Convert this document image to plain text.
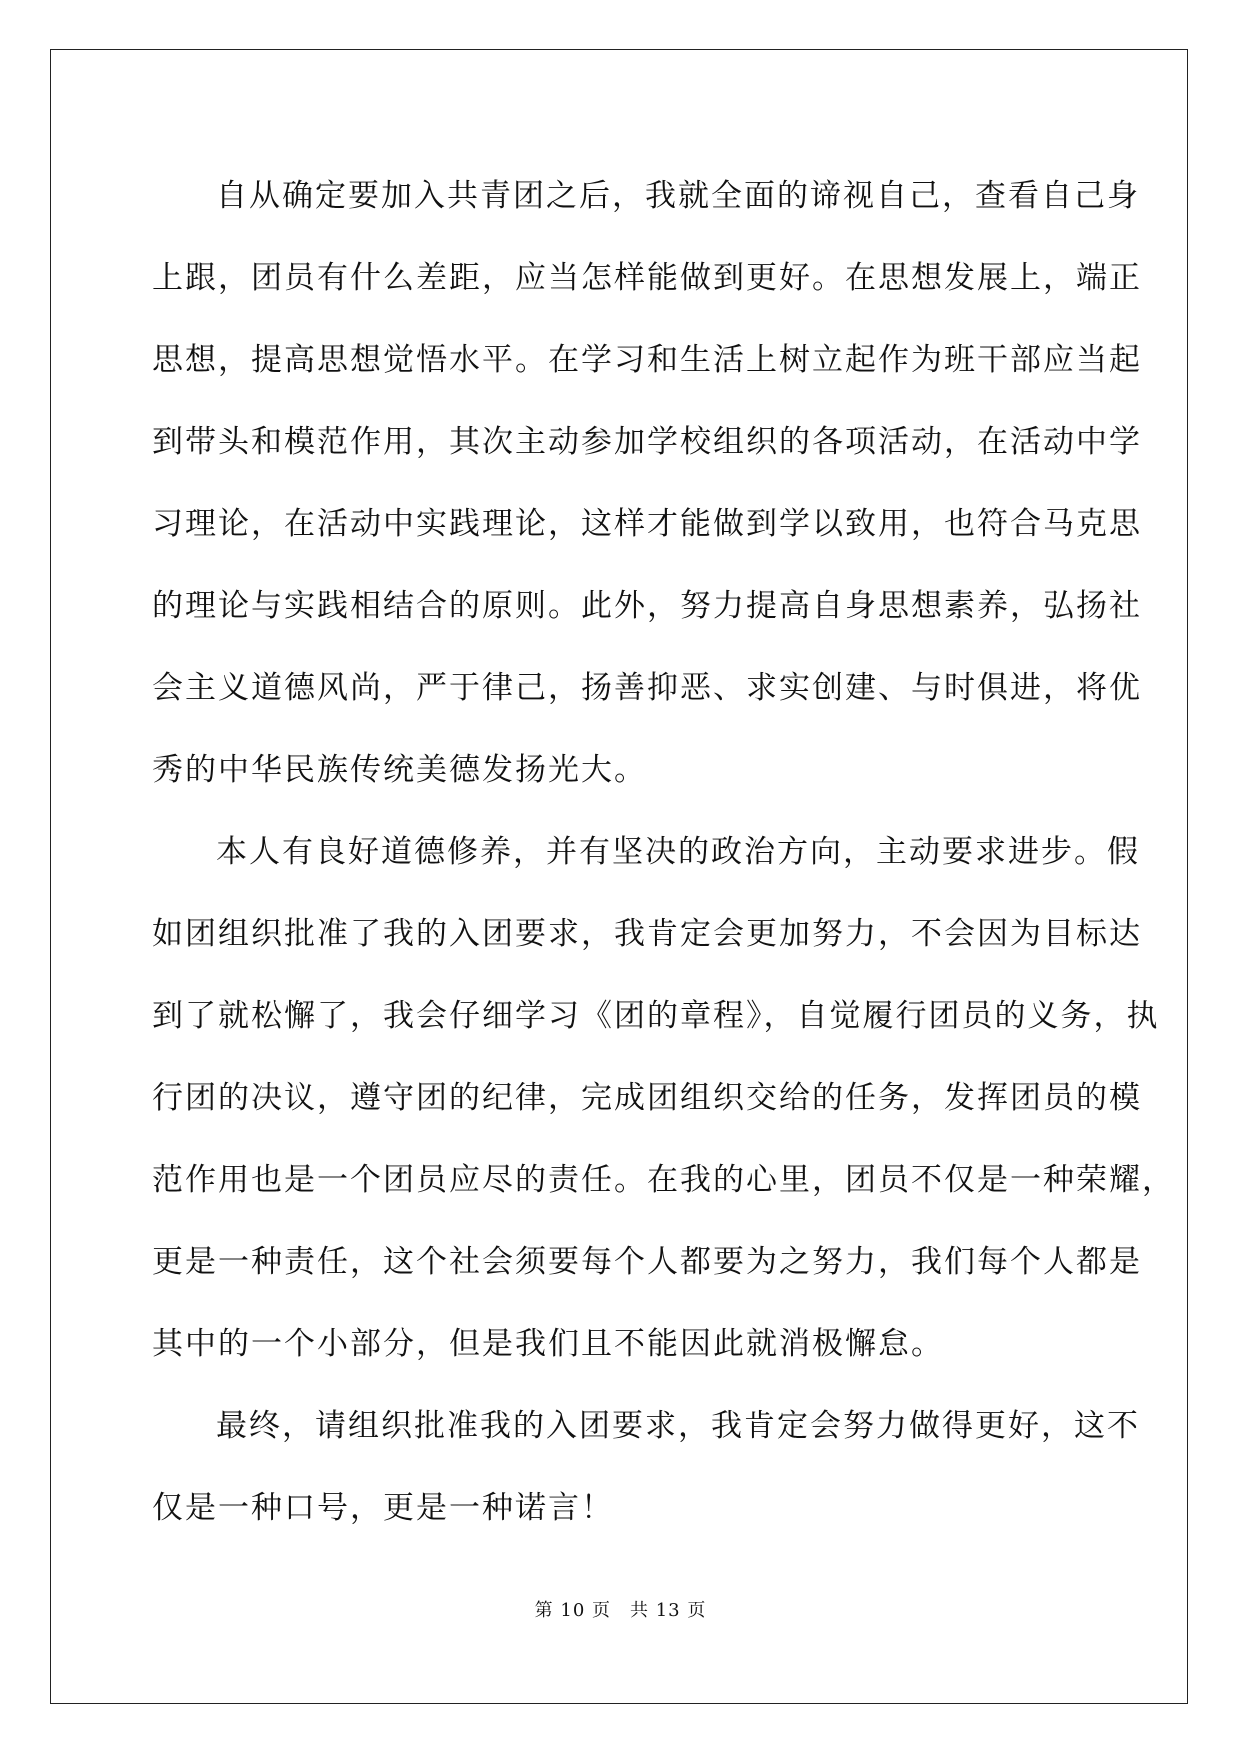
自从确定要加入共青团之后，我就全面的谛视自己，查看自己身
上跟，团员有什么差距，应当怎样能做到更好。在思想发展上，端正
思想，提高思想觉悟水平。在学习和生活上树立起作为班干部应当起
到带头和模范作用，其次主动参加学校组织的各项活动，在活动中学
习理论，在活动中实践理论，这样才能做到学以致用，也符合马克思
的理论与实践相结合的原则。此外，努力提高自身思想素养，弘扬社
会主义道德风尚，严于律己，扬善抑恶、求实创建、与时俱进，将优
秀的中华民族传统美德发扬光大。
本人有良好道德修养，并有坚决的政治方向，主动要求进步。假
如团组织批准了我的入团要求，我肯定会更加努力，不会因为目标达
到了就松懈了，我会仔细学习《团的章程》，自觉履行团员的义务，执
行团的决议，遵守团的纪律，完成团组织交给的任务，发挥团员的模
范作用也是一个团员应尽的责任。在我的心里，团员不仅是一种荣耀，
更是一种责任，这个社会须要每个人都要为之努力，我们每个人都是
其中的一个小部分，但是我们且不能因此就消极懈怠。
最终，请组织批准我的入团要求，我肯定会努力做得更好，这不
仅是一种口号，更是一种诺言！
第 10 页　共 13 页
